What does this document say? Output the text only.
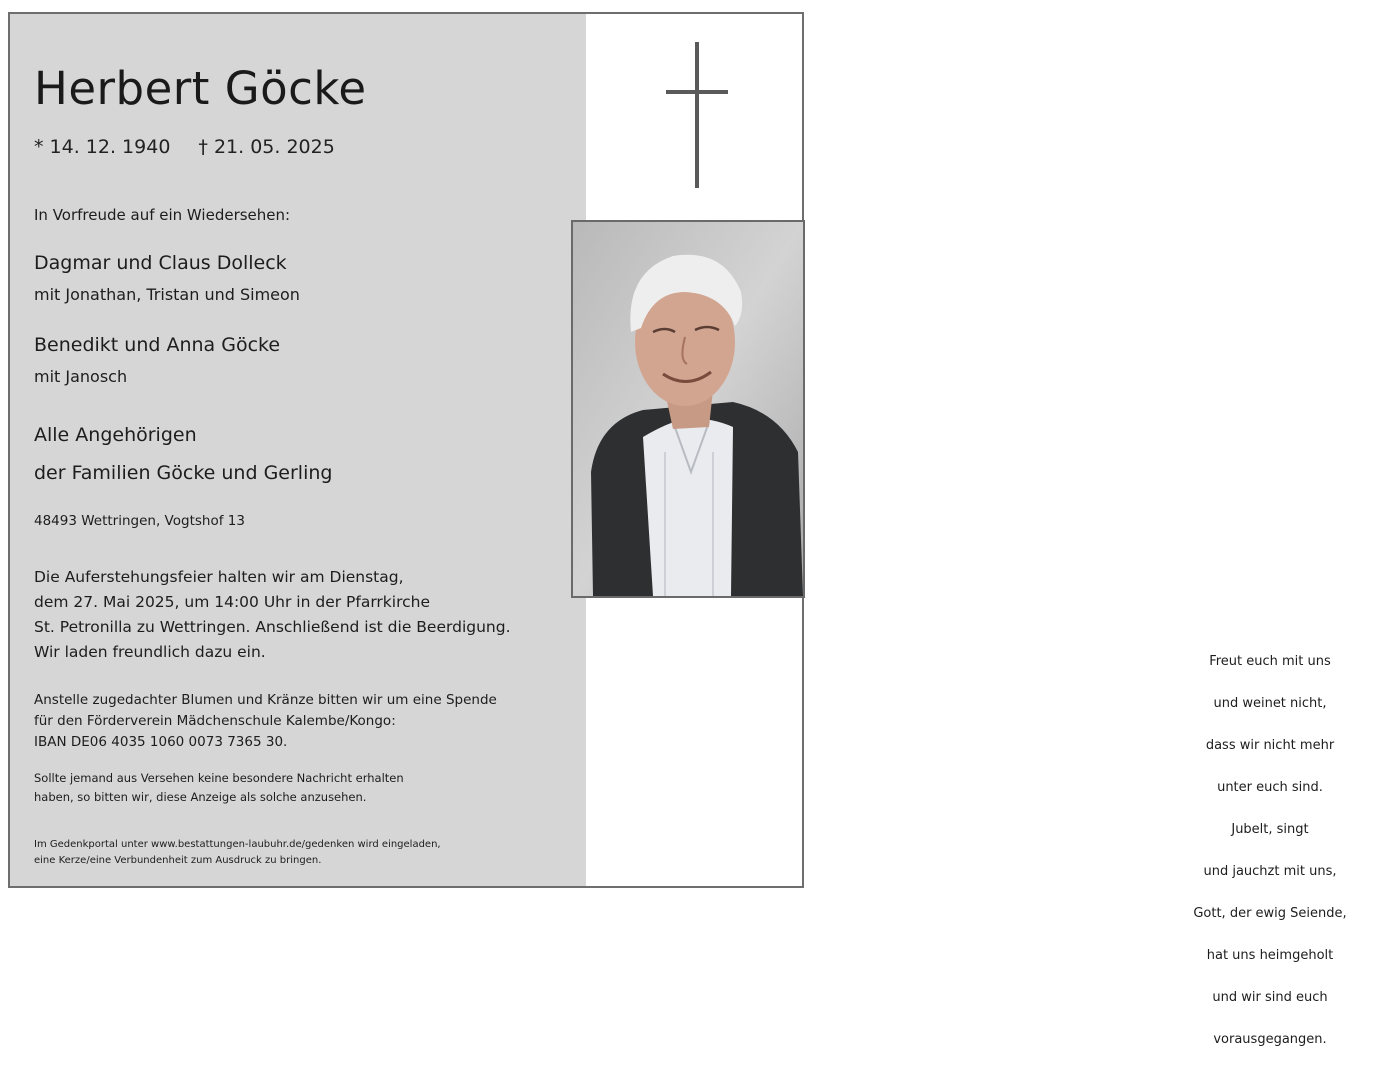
Herbert Göcke
* 14. 12. 1940 † 21. 05. 2025

In Vorfreude auf ein Wiedersehen:

Dagmar und Claus Dolleck

mit Jonathan, Tristan und Simeon

Benedikt und Anna Göcke

mit Janosch

Alle Angehörigen
der Familien Göcke und Gerling

48493 Wettringen, Vogtshof 13

Die Auferstehungsfeier halten wir am Dienstag,
dem 27. Mai 2025, um 14:00 Uhr in der Pfarrkirche
St. Petronilla zu Wettringen. Anschließend ist die Beerdigung.
Wir laden freundlich dazu ein.
Anstelle zugedachter Blumen und Kränze bitten wir um eine Spende
für den Förderverein Mädchenschule Kalembe/Kongo:
IBAN DE06 4035 1060 0073 7365 30.
Sollte jemand aus Versehen keine besondere Nachricht erhalten
haben, so bitten wir, diese Anzeige als solche anzusehen.
Im Gedenkportal unter www.bestattungen-laubuhr.de/gedenken wird eingeladen,
eine Kerze/eine Verbundenheit zum Ausdruck zu bringen.

Freut euch mit uns

und weinet nicht,

dass wir nicht mehr

unter euch sind.

Jubelt, singt

und jauchzt mit uns,

Gott, der ewig Seiende,

hat uns heimgeholt

und wir sind euch

vorausgegangen.
